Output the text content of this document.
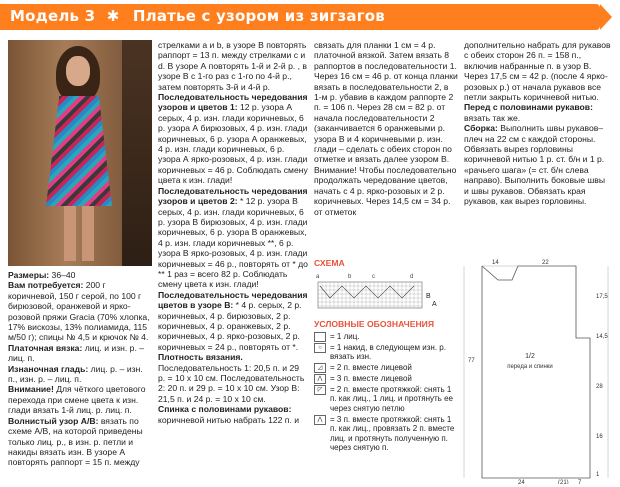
Модель 3 ✱ Платье с узором из зигзагов

Размеры: 36–40

Вам потребуется: 200 г коричневой, 150 г серой, по 100 г бирюзовой, оранжевой и ярко-розовой пряжи Gracia (70% хлопка, 17% вискозы, 13% полиамида, 115 м/50 г); спицы № 4,5 и крючок № 4.

Платочная вязка: лиц. и изн. р. – лиц. п.

Изнаночная гладь: лиц. р. – изн. п., изн. р. – лиц. п.

Внимание! Для чёткого цветового перехода при смене цвета к изн. глади вязать 1-й лиц. р. лиц. п.

Волнистый узор А/В: вязать по схеме А/В, на которой приведены только лиц. р., в изн. р. петли и накиды вязать изн. В узоре А повторять раппорт = 15 п. между

стрелками а и b, в узоре В повторять раппорт = 13 п. между стрелками с и d. В узоре А повторять 1-й и 2-й р. , в узоре В с 1-го раз с 1-го по 4-й р., затем повторять 3-й и 4-й р.

Последовательность чередования узоров и цветов 1: 12 р. узора А серых, 4 р. изн. глади коричневых, 6 р. узора А бирюзовых, 4 р. изн. глади коричневых, 6 р. узора А оранжевых, 4 р. изн. глади коричневых, 6 р. узора А ярко-розовых, 4 р. изн. глади коричневых = 46 р. Соблюдать смену цвета к изн. глади!

Последовательность чередования узоров и цветов 2: * 12 р. узора В серых, 4 р. изн. глади коричневых, 6 р. узора В бирюзовых, 4 р. изн. глади коричневых, 6 р. узора В оранжевых, 4 р. изн. глади коричневых **, 6 р. узора В ярко-розовых, 4 р. изн. глади коричневых = 46 р., повторять от * до ** 1 раз = всего 82 р. Соблюдать смену цвета к изн. глади!

Последовательность чередования цветов в узоре В: * 4 р. серых, 2 р. коричневых, 4 р. бирюзовых, 2 р. коричневых, 4 р. оранжевых, 2 р. коричневых, 4 р. ярко-розовых, 2 р. коричневых = 24 р., повторять от *.

Плотность вязания. Последовательность 1: 20,5 п. и 29 р. = 10 х 10 см. Последовательность 2: 20 п. и 29 р. = 10 х 10 см. Узор В: 21,5 п. и 24 р. = 10 х 10 см.

Спинка с половинами рукавов: коричневой нитью набрать 122 п. и

связать для планки 1 см = 4 р. платочной вязкой. Затем вязать 8 раппортов в последовательности 1. Через 16 см = 46 р. от конца планки вязать в последовательности 2, в 1-м р. убавив в каждом раппорте 2 п. = 106 п. Через 28 см = 82 р. от начала последовательности 2 (заканчивается 6 оранжевыми р. узора В и 4 коричневыми р. изн. глади – сделать с обеих сторон по отметке и вязать далее узором В. Внимание! Чтобы последовательно продолжать чередование цветов, начать с 4 р. ярко-розовых и 2 р. коричневых. Через 14,5 см = 34 р. от отметок

дополнительно набрать для рукавов с обеих сторон 26 п. = 158 п., включив набранные п. в узор В. Через 17,5 см = 42 р. (после 4 ярко-розовых р.) от начала рукавов все петли закрыть коричневой нитью.

Перед с половинами рукавов: вязать так же.

Сборка: Выполнить швы рукавов–плеч на 22 см с каждой стороны. Обвязать вырез горловины коричневой нитью 1 р. ст. б/н и 1 р. «рачьего шага» (= ст. б/н слева направо). Выполнить боковые швы и швы рукавов. Обвязать края рукавов, как вырез горловины.

СХЕМА
a	b	c	d
B
A
УСЛОВНЫЕ ОБОЗНАЧЕНИЯ
= 1 лиц.
○	= 1 накид, в следующем изн. р. вязать изн.
◿ = 2 п. вместе лицевой
⋀ = 3 п. вместе лицевой
◸ = 2 п. вместе протяжкой: снять 1 п. как лиц., 1 лиц. и протянуть ее через снятую петлю
⋀ = 3 п. вместе протяжкой: снять 1 п. как лиц., провязать 2 п. вместе лиц. и протянуть полученную п. через снятую п.
14	22
17,5
14,5
28
16
1
77
24	(21) 7
1/2
переда и спинки
